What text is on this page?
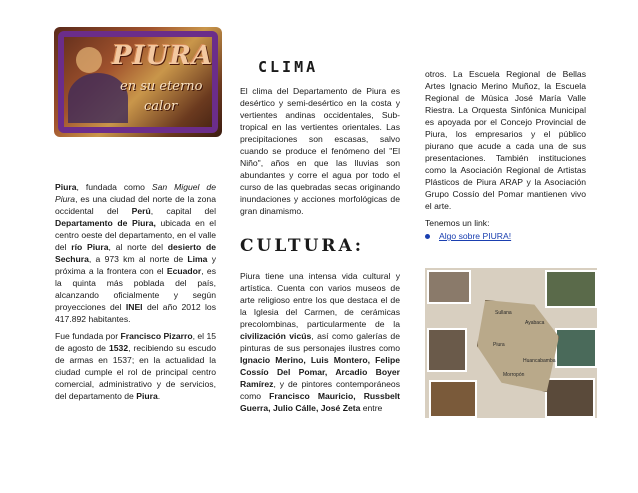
PIURA
en su eterno
calor

Piura, fundada como San Miguel de Piura, es una ciudad del norte de la zona occidental del Perú, capital del Departamento de Piura, ubicada en el centro oeste del departamento, en el valle del río Piura, al norte del desierto de Sechura, a 973 km al norte de Lima y próxima a la frontera con el Ecuador, es la quinta más poblada del país, alcanzando oficialmente y según proyecciones del INEI del año 2012 los 417.892 habitantes.

Fue fundada por Francisco Pizarro, el 15 de agosto de 1532, recibiendo su escudo de armas en 1537; en la actualidad la ciudad cumple el rol de principal centro comercial, administrativo y de servicios, del departamento de Piura.

CLIMA

El clima del Departamento de Piura es desértico y semi-desértico en la costa y vertientes andinas occidentales, Sub-tropical en las vertientes orientales. Las precipitaciones son escasas, salvo cuando se produce el fenómeno del "El Niño", años en que las lluvias son abundantes y corre el agua por todo el curso de las quebradas secas originando inundaciones y acciones morfológicas de gran dinamismo.

CULTURA:

Piura tiene una intensa vida cultural y artística. Cuenta con varios museos de arte religioso entre los que destaca el de la Iglesia del Carmen, de cerámicas precolombinas, particularmente de la civilización vicús, así como galerías de pinturas de sus personajes ilustres como Ignacio Merino, Luis Montero, Felipe Cossío Del Pomar, Arcadio Boyer Ramírez, y de pintores contemporáneos como Francisco Mauricio, Russbelt Guerra, Julio Cálle, José Zeta entre

otros. La Escuela Regional de Bellas Artes Ignacio Merino Muñoz, la Escuela Regional de Música José María Valle Riestra. La Orquesta Sinfónica Municipal es apoyada por el Concejo Provincial de Piura, los empresarios y el público piurano que acude a cada una de sus presentaciones. También instituciones como la Asociación Regional de Artistas Plásticos de Piura ARAP y la Asociación Grupo Cossío del Pomar mantienen vivo el arte.

Tenemos un link:

Algo sobre PIURA!
Sullana
Ayabaca
Piura
Huancabamba
Morropón
